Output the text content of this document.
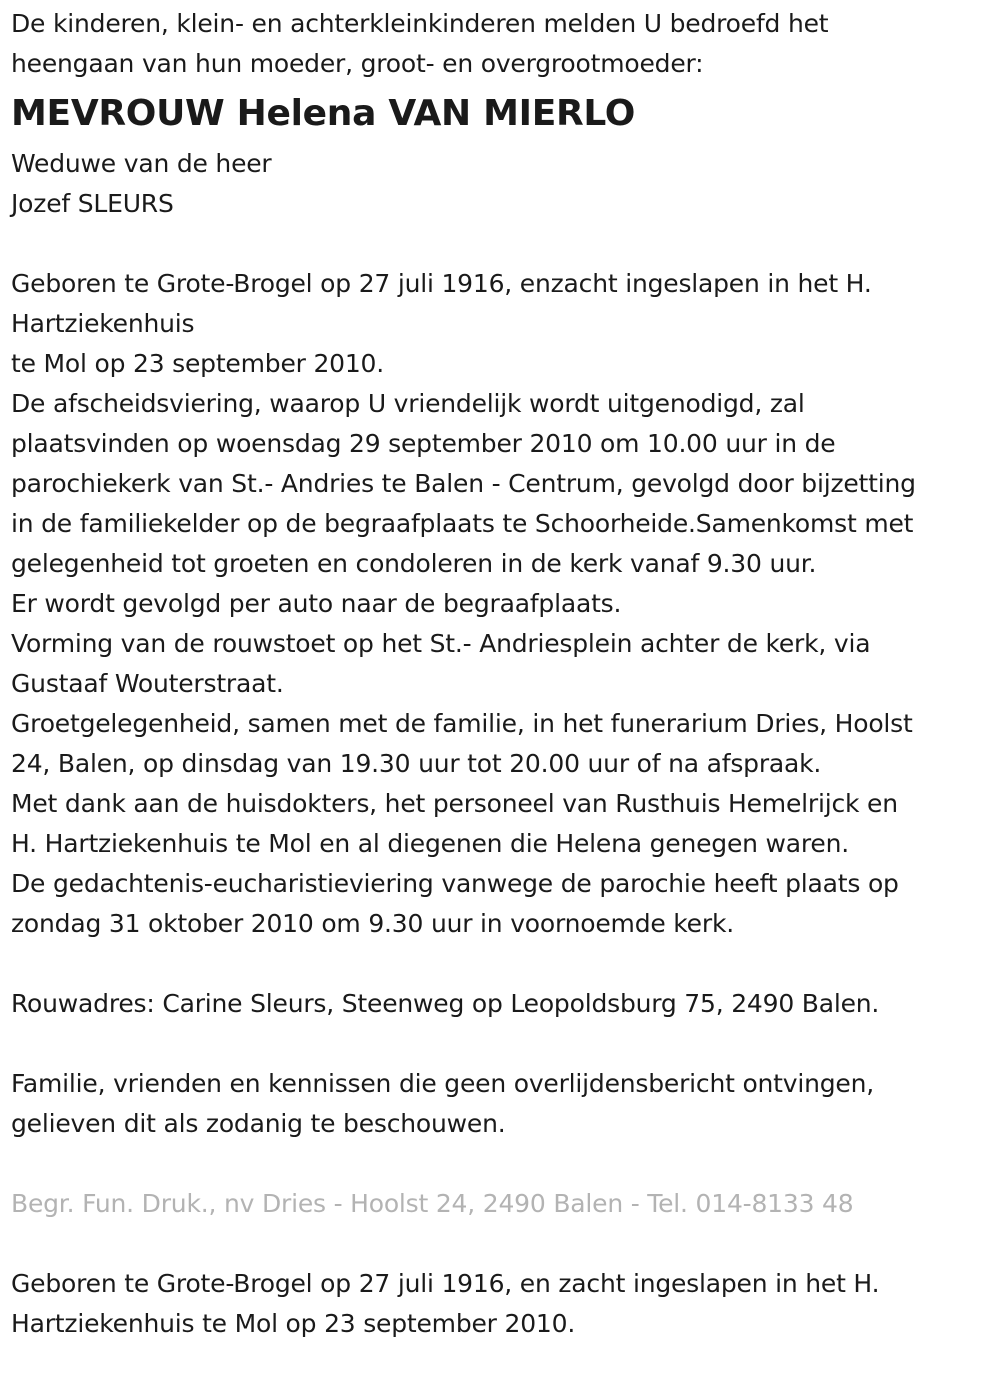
De kinderen, klein- en achterkleinkinderen melden U bedroefd het
heengaan van hun moeder, groot- en overgrootmoeder:
MEVROUW Helena VAN MIERLO
Weduwe van de heer
Jozef SLEURS
Geboren te Grote-Brogel op 27 juli 1916, enzacht ingeslapen in het H.
Hartziekenhuis
te Mol op 23 september 2010.
De afscheidsviering, waarop U vriendelijk wordt uitgenodigd, zal
plaatsvinden op woensdag 29 september 2010 om 10.00 uur in de
parochiekerk van St.- Andries te Balen - Centrum, gevolgd door bijzetting
in de familiekelder op de begraafplaats te Schoorheide.Samenkomst met
gelegenheid tot groeten en condoleren in de kerk vanaf 9.30 uur.
Er wordt gevolgd per auto naar de begraafplaats.
Vorming van de rouwstoet op het St.- Andriesplein achter de kerk, via
Gustaaf Wouterstraat.
Groetgelegenheid, samen met de familie, in het funerarium Dries, Hoolst
24, Balen, op dinsdag van 19.30 uur tot 20.00 uur of na afspraak.
Met dank aan de huisdokters, het personeel van Rusthuis Hemelrijck en
H. Hartziekenhuis te Mol en al diegenen die Helena genegen waren.
De gedachtenis-eucharistieviering vanwege de parochie heeft plaats op
zondag 31 oktober 2010 om 9.30 uur in voornoemde kerk.
Rouwadres: Carine Sleurs, Steenweg op Leopoldsburg 75, 2490 Balen.
Familie, vrienden en kennissen die geen overlijdensbericht ontvingen,
gelieven dit als zodanig te beschouwen.
Begr. Fun. Druk., nv Dries - Hoolst 24, 2490 Balen - Tel. 014-8133 48
Geboren te Grote-Brogel op 27 juli 1916, en zacht ingeslapen in het H.
Hartziekenhuis te Mol op 23 september 2010.
